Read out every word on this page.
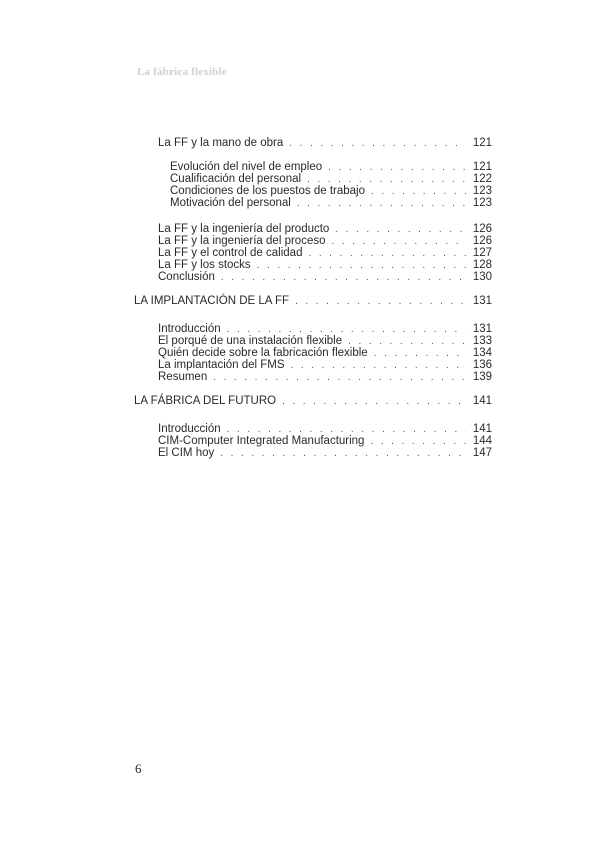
La fábrica flexible
La FF y la mano de obra . . .	121
Evolución del nivel de empleo . . .	121
Cualificación del personal . . .	122
Condiciones de los puestos de trabajo . . .	123
Motivación del personal . . .	123
La FF y la ingeniería del producto . . .	126
La FF y la ingeniería del proceso . . .	126
La FF y el control de calidad . . .	127
La FF y los stocks . . .	128
Conclusión . . .	130
LA IMPLANTACIÓN DE LA FF . . .	131
Introducción . . .	131
El porqué de una instalación flexible . . .	133
Quién decide sobre la fabricación flexible . . .	134
La implantación del FMS . . .	136
Resumen . . .	139
LA FÁBRICA DEL FUTURO . . .	141
Introducción . . .	141
CIM-Computer Integrated Manufacturing . . .	144
El CIM hoy . . .	147
6
